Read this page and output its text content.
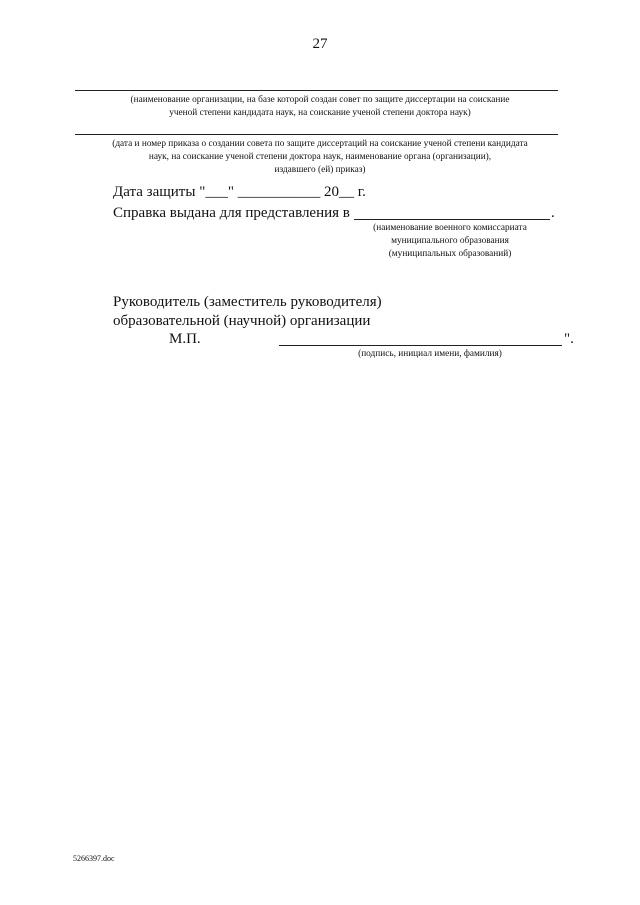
27
(наименование организации, на базе которой создан совет по защите диссертации на соискание
ученой степени кандидата наук, на соискание ученой степени доктора наук)
(дата и номер приказа о создании совета по защите диссертаций на соискание ученой степени кандидата
наук, на соискание ученой степени доктора наук, наименование органа (организации),
издавшего (ей) приказ)
Дата защиты "___" ___________ 20__ г.
Справка выдана для представления в	.
(наименование военного комиссариата
муниципального образования
(муниципальных образований)
Руководитель (заместитель руководителя)
образовательной (научной) организации
М.П.	".
(подпись, инициал имени, фамилия)
5266397.doc
